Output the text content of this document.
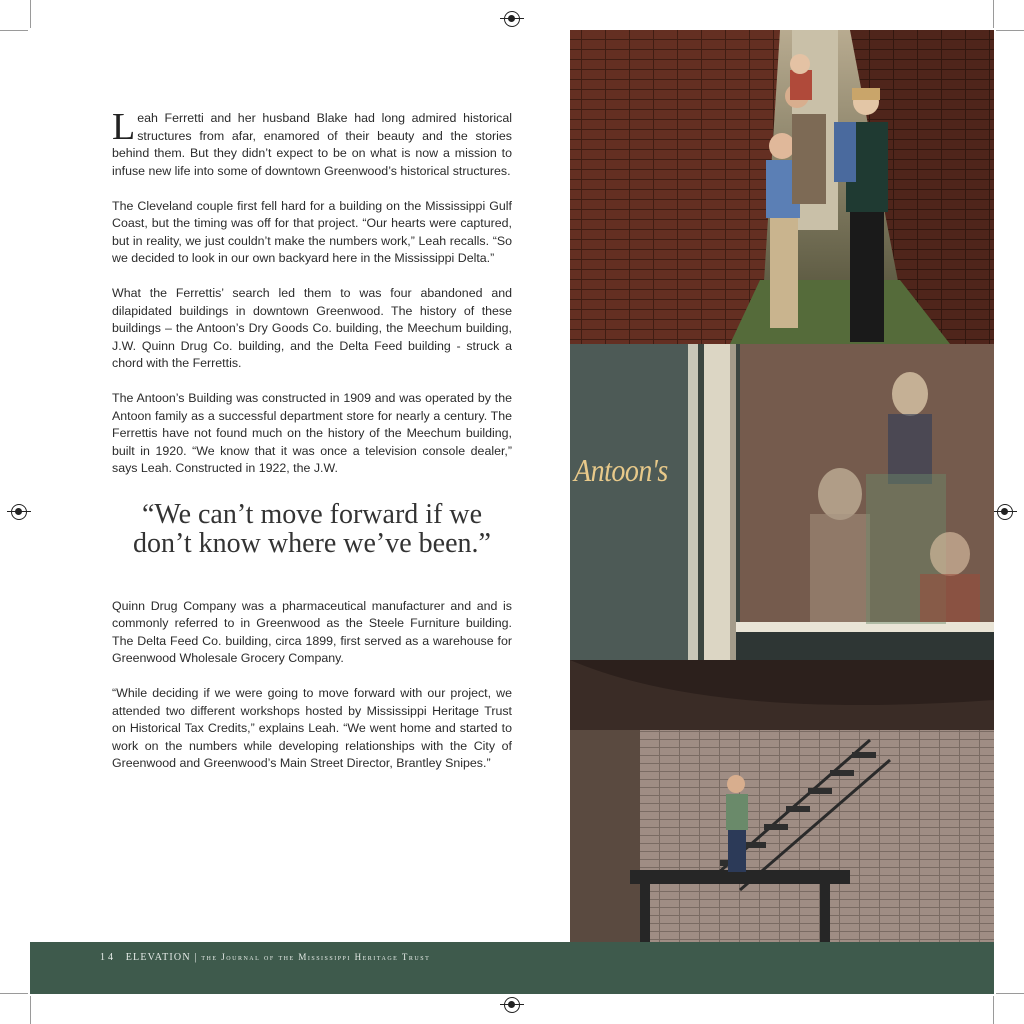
Leah Ferretti and her husband Blake had long admired historical structures from afar, enamored of their beauty and the stories behind them. But they didn’t expect to be on what is now a mission to infuse new life into some of downtown Greenwood’s historical structures.

The Cleveland couple first fell hard for a building on the Mississippi Gulf Coast, but the timing was off for that project. “Our hearts were captured, but in reality, we just couldn’t make the numbers work,” Leah recalls. “So we decided to look in our own backyard here in the Mississippi Delta.”

What the Ferrettis’ search led them to was four abandoned and dilapidated buildings in downtown Greenwood. The history of these buildings – the Antoon’s Dry Goods Co. building, the Meechum building, J.W. Quinn Drug Co. building, and the Delta Feed building - struck a chord with the Ferrettis.

The Antoon’s Building was constructed in 1909 and was operated by the Antoon family as a successful department store for nearly a century. The Ferrettis have not found much on the history of the Meechum building, built in 1920. “We know that it was once a television console dealer,” says Leah. Constructed in 1922, the J.W.

“We can’t move forward if we don’t know where we’ve been.”

Quinn Drug Company was a pharmaceutical manufacturer and and is commonly referred to in Greenwood as the Steele Furniture building. The Delta Feed Co. building, circa 1899, first served as a warehouse for Greenwood Wholesale Grocery Company.

“While deciding if we were going to move forward with our project, we attended two different workshops hosted by Mississippi Heritage Trust on Historical Tax Credits,” explains Leah. “We went home and started to work on the numbers while developing relationships with the City of Greenwood and Greenwood’s Main Street Director, Brantley Snipes.”

Antoon's
14 ELEVATION | the Journal of the Mississippi Heritage Trust
